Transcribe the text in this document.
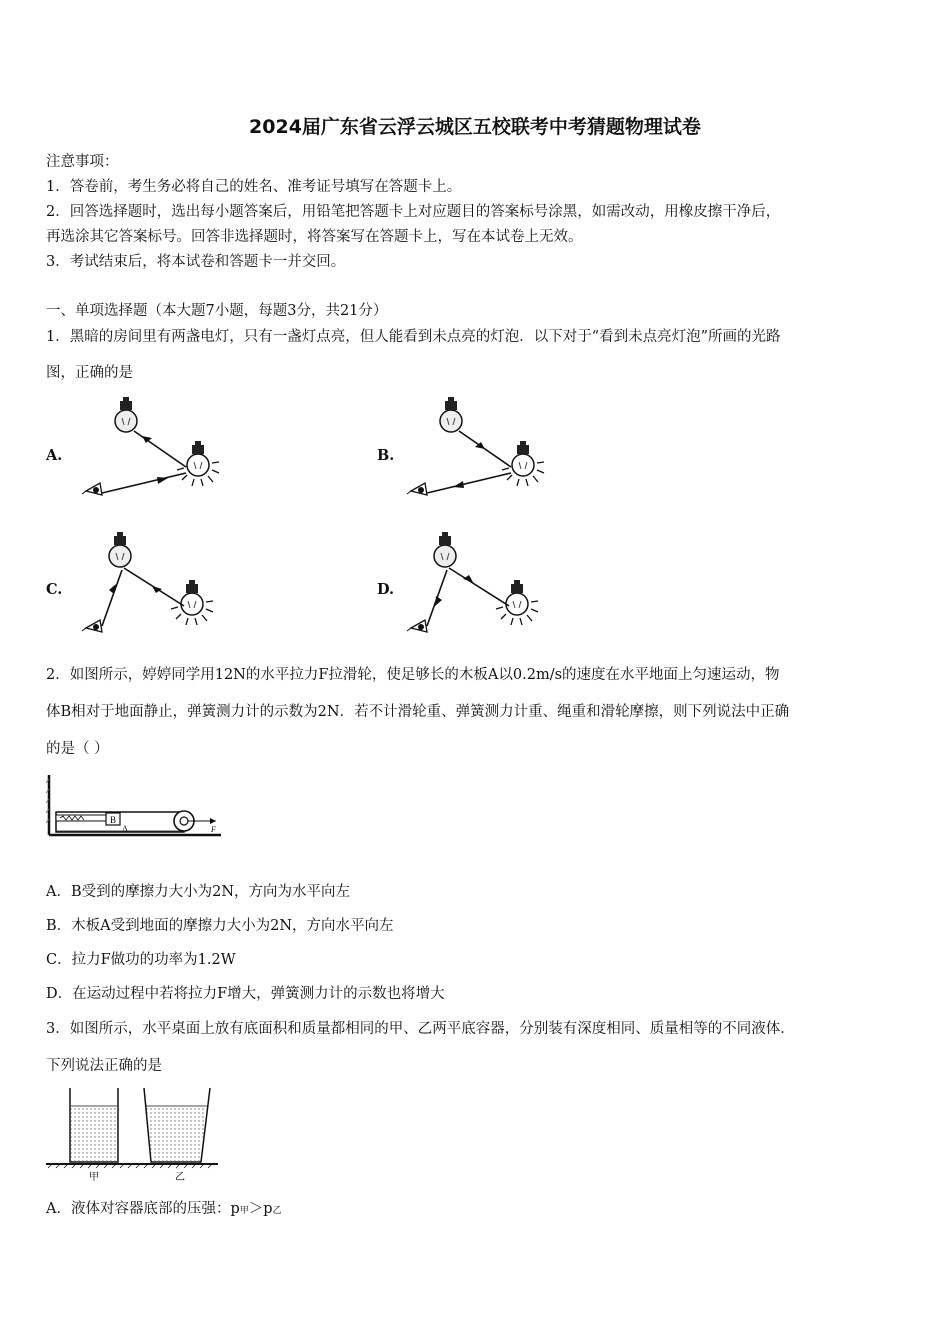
2024届广东省云浮云城区五校联考中考猜题物理试卷
注意事项：
1．答卷前，考生务必将自己的姓名、准考证号填写在答题卡上。
2．回答选择题时，选出每小题答案后，用铅笔把答题卡上对应题目的答案标号涂黑，如需改动，用橡皮擦干净后，
再选涂其它答案标号。回答非选择题时，将答案写在答题卡上，写在本试卷上无效。
3．考试结束后，将本试卷和答题卡一并交回。
一、单项选择题（本大题7小题，每题3分，共21分）
1．黑暗的房间里有两盏电灯，只有一盏灯点亮，但人能看到未点亮的灯泡．以下对于“看到未点亮灯泡”所画的光路
图，正确的是
A.	B.
C.	D.
2．如图所示，婷婷同学用12N的水平拉力F拉滑轮，使足够长的木板A以0.2m/s的速度在水平地面上匀速运动，物
体B相对于地面静止，弹簧测力计的示数为2N．若不计滑轮重、弹簧测力计重、绳重和滑轮摩擦，则下列说法中正确
的是（ ）
B
A	F
A．B受到的摩擦力大小为2N，方向为水平向左
B．木板A受到地面的摩擦力大小为2N，方向水平向左
C．拉力F做功的功率为1.2W
D．在运动过程中若将拉力F增大，弹簧测力计的示数也将增大
3．如图所示，水平桌面上放有底面积和质量都相同的甲、乙两平底容器，分别装有深度相同、质量相等的不同液体．
下列说法正确的是
甲	乙
A．液体对容器底部的压强：p甲＞p乙
